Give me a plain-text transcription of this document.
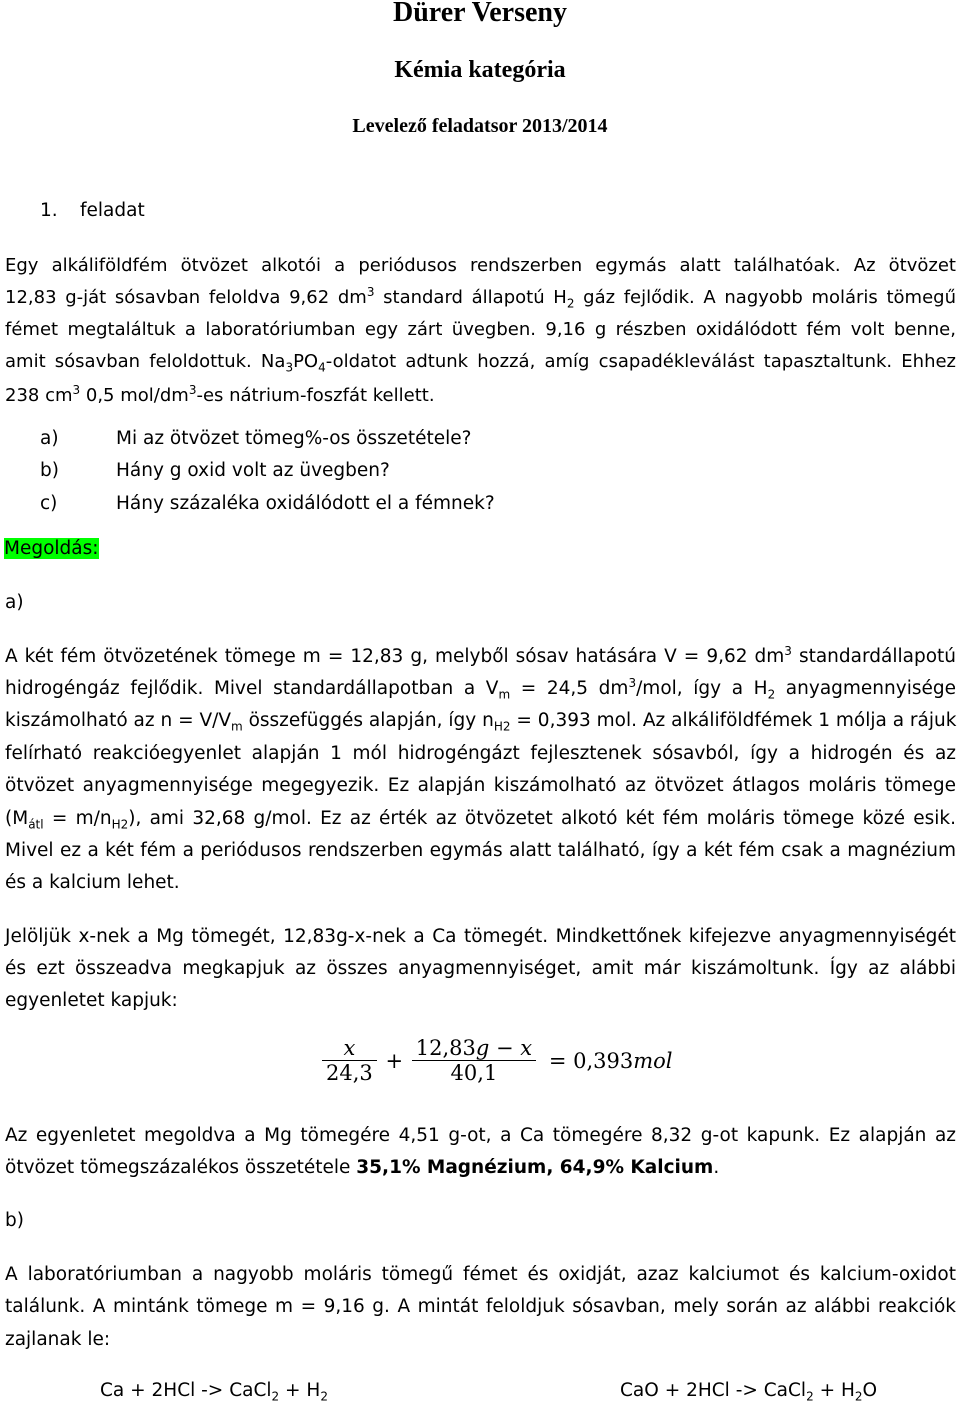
Dürer Verseny
Kémia kategória
Levelező feladatsor 2013/2014
1. feladat
Egy alkáliföldfém ötvözet alkotói a periódusos rendszerben egymás alatt találhatóak. Az ötvözet
12,83 g-ját sósavban feloldva 9,62 $dm^3$ standard állapotú $H_2$ gáz fejlődik. A nagyobb moláris tömegű
fémet megtaláltuk a laboratóriumban egy zárt üvegben. 9,16 g részben oxidálódott fém volt benne,
amit sósavban feloldottuk. $Na_3PO_4$-oldatot adtunk hozzá, amíg csapadékleválást tapasztaltunk. Ehhez
238 $cm^3$ 0,5 mol/$dm^3-es$ nátrium-foszfát kellett.
a)	Mi az ötvözet tömeg%-os összetétele?
b)	Hány g oxid volt az üvegben?
c)	Hány százaléka oxidálódott el a fémnek?
Megoldás:
a)
A két fém ötvözetének tömege m = 12,83 g, melyből sósav hatására V = 9,62 $dm^3$ standardállapotú
hidrogéngáz fejlődik. Mivel standardállapotban a $V_m = 24,5$ $dm^3$/mol, így a $H_2$ anyagmennyisége
kiszámolható az $n = V/V_m$ összefüggés alapján, így $n_{H2} = 0,393$ mol. Az alkáliföldfémek 1 mólja a rájuk
felírható reakcióegyenlet alapján 1 mól hidrogéngázt fejlesztenek sósavból, így a hidrogén és az
ötvözet anyagmennyisége megegyezik. Ez alapján kiszámolható az ötvözet átlagos moláris tömege
$(M_{átl} = m/n_{H2})$, ami 32,68 g/mol. Ez az érték az ötvözetet alkotó két fém moláris tömege közé esik.
Mivel ez a két fém a periódusos rendszerben egymás alatt található, így a két fém csak a magnézium
és a kalcium lehet.
Jelöljük x-nek a Mg tömegét, 12,83g-x-nek a Ca tömegét. Mindkettőnek kifejezve anyagmennyiségét
és ezt összeadva megkapjuk az összes anyagmennyiséget, amit már kiszámoltunk. Így az alábbi
egyenletet kapjuk:
$\frac{x}{24,3} + \frac{12,83g - x}{40,1} = 0,393mol$
Az egyenletet megoldva a Mg tömegére 4,51 g-ot, a Ca tömegére 8,32 g-ot kapunk. Ez alapján az
ötvözet tömegszázalékos összetétele 35,1% Magnézium, 64,9% Kalcium.
b)
A laboratóriumban a nagyobb moláris tömegű fémet és oxidját, azaz kalciumot és kalcium-oxidot
találunk. A mintánk tömege m = 9,16 g. A mintát feloldjuk sósavban, mely során az alábbi reakciók
zajlanak le:
Ca + 2HCl -> CaCl$_2$ + $H_2$	CaO + 2HCl -> CaCl$_2$ + $H_2O$
